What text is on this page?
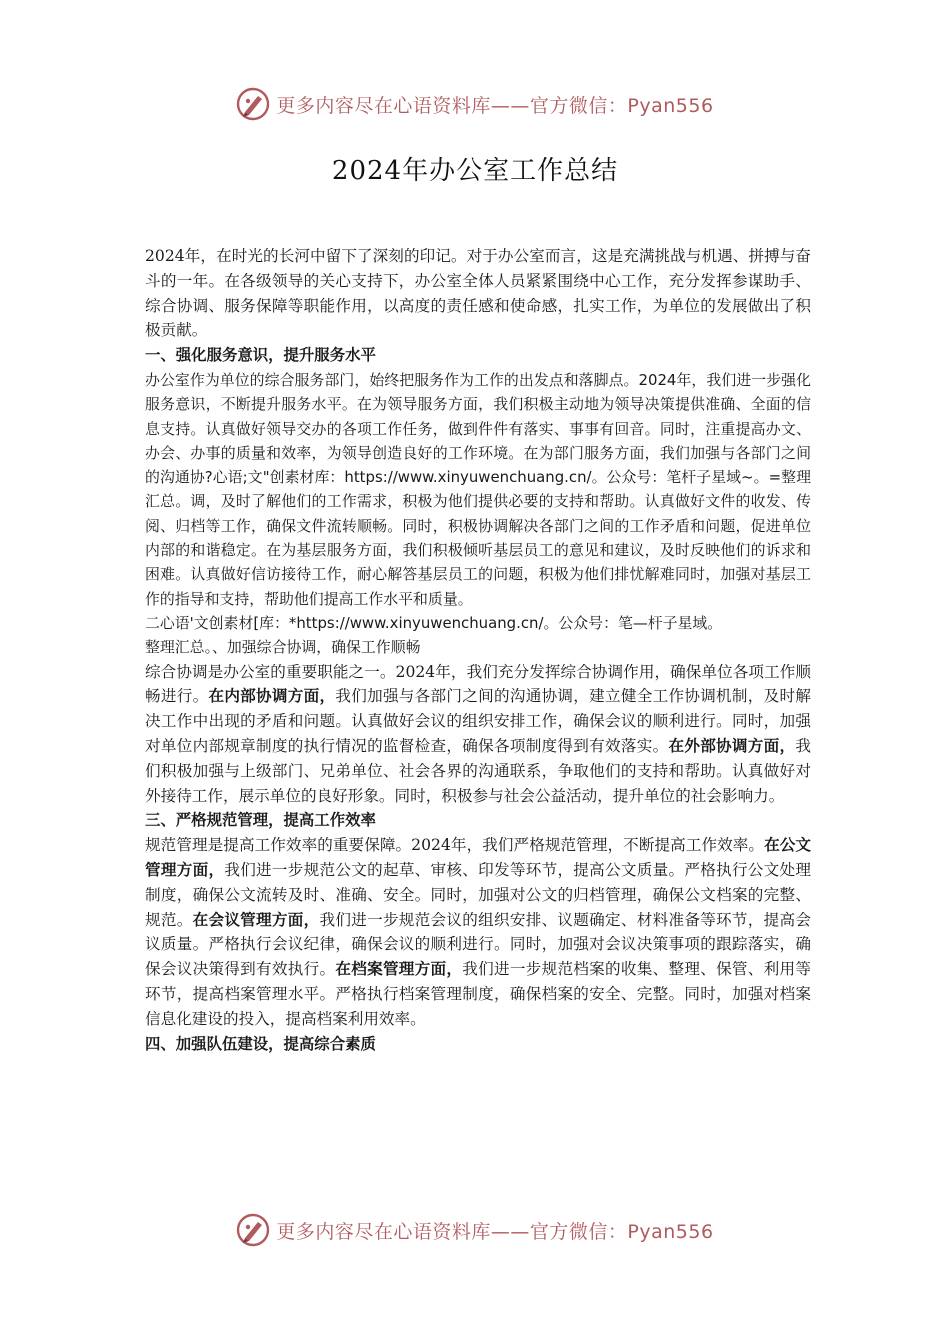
更多内容尽在心语资料库——官方微信：Pyan556
2024年办公室工作总结

2024年，在时光的长河中留下了深刻的印记。对于办公室而言，这是充满挑战与机遇、拼搏与奋斗的一年。在各级领导的关心支持下，办公室全体人员紧紧围绕中心工作，充分发挥参谋助手、综合协调、服务保障等职能作用，以高度的责任感和使命感，扎实工作，为单位的发展做出了积极贡献。

一、强化服务意识，提升服务水平

办公室作为单位的综合服务部门，始终把服务作为工作的出发点和落脚点。2024年，我们进一步强化服务意识，不断提升服务水平。在为领导服务方面，我们积极主动地为领导决策提供准确、全面的信息支持。认真做好领导交办的各项工作任务，做到件件有落实、事事有回音。同时，注重提高办文、办会、办事的质量和效率，为领导创造良好的工作环境。在为部门服务方面，我们加强与各部门之间的沟通协?心语;文"创素材库：https://www.xinyuwenchuang.cn/。公众号：笔杆子星域~。=整理汇总。调，及时了解他们的工作需求，积极为他们提供必要的支持和帮助。认真做好文件的收发、传阅、归档等工作，确保文件流转顺畅。同时，积极协调解决各部门之间的工作矛盾和问题，促进单位内部的和谐稳定。在为基层服务方面，我们积极倾听基层员工的意见和建议，及时反映他们的诉求和困难。认真做好信访接待工作，耐心解答基层员工的问题，积极为他们排忧解难同时，加强对基层工作的指导和支持，帮助他们提高工作水平和质量。

二心语'文创素材[库：*https://www.xinyuwenchuang.cn/。公众号：笔—杆子星域。

整理汇总。、加强综合协调，确保工作顺畅

综合协调是办公室的重要职能之一。2024年，我们充分发挥综合协调作用，确保单位各项工作顺畅进行。在内部协调方面，我们加强与各部门之间的沟通协调，建立健全工作协调机制，及时解决工作中出现的矛盾和问题。认真做好会议的组织安排工作，确保会议的顺利进行。同时，加强对单位内部规章制度的执行情况的监督检查，确保各项制度得到有效落实。在外部协调方面，我们积极加强与上级部门、兄弟单位、社会各界的沟通联系，争取他们的支持和帮助。认真做好对外接待工作，展示单位的良好形象。同时，积极参与社会公益活动，提升单位的社会影响力。

三、严格规范管理，提高工作效率

规范管理是提高工作效率的重要保障。2024年，我们严格规范管理，不断提高工作效率。在公文管理方面，我们进一步规范公文的起草、审核、印发等环节，提高公文质量。严格执行公文处理制度，确保公文流转及时、准确、安全。同时，加强对公文的归档管理，确保公文档案的完整、规范。在会议管理方面，我们进一步规范会议的组织安排、议题确定、材料准备等环节，提高会议质量。严格执行会议纪律，确保会议的顺利进行。同时，加强对会议决策事项的跟踪落实，确保会议决策得到有效执行。在档案管理方面，我们进一步规范档案的收集、整理、保管、利用等环节，提高档案管理水平。严格执行档案管理制度，确保档案的安全、完整。同时，加强对档案信息化建设的投入，提高档案利用效率。

四、加强队伍建设，提高综合素质

更多内容尽在心语资料库——官方微信：Pyan556
